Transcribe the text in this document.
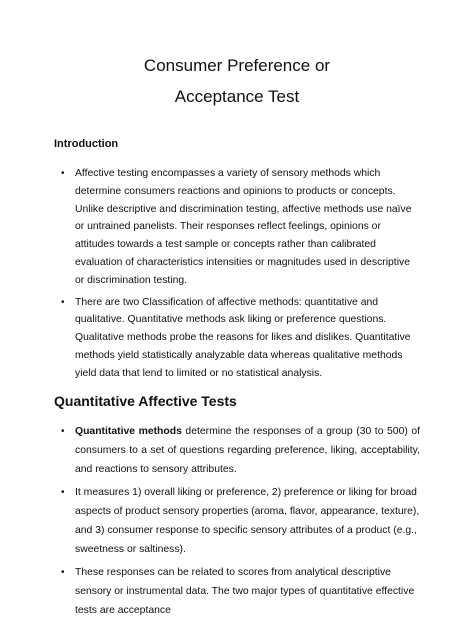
Consumer Preference or
Acceptance Test
Introduction
• Affective testing encompasses a variety of sensory methods which determine consumers reactions and opinions to products or concepts. Unlike descriptive and discrimination testing, affective methods use naïve or untrained panelists. Their responses reflect feelings, opinions or attitudes towards a test sample or concepts rather than calibrated evaluation of characteristics intensities or magnitudes used in descriptive or discrimination testing.
• There are two Classification of affective methods: quantitative and qualitative. Quantitative methods ask liking or preference questions. Qualitative methods probe the reasons for likes and dislikes. Quantitative methods yield statistically analyzable data whereas qualitative methods yield data that lend to limited or no statistical analysis.
Quantitative Affective Tests
• Quantitative methods determine the responses of a group (30 to 500) of consumers to a set of questions regarding preference, liking, acceptability, and reactions to sensory attributes.
• It measures 1) overall liking or preference, 2) preference or liking for broad aspects of product sensory properties (aroma, flavor, appearance, texture), and 3) consumer response to specific sensory attributes of a product (e.g., sweetness or saltiness).
• These responses can be related to scores from analytical descriptive sensory or instrumental data. The two major types of quantitative effective tests are acceptance
